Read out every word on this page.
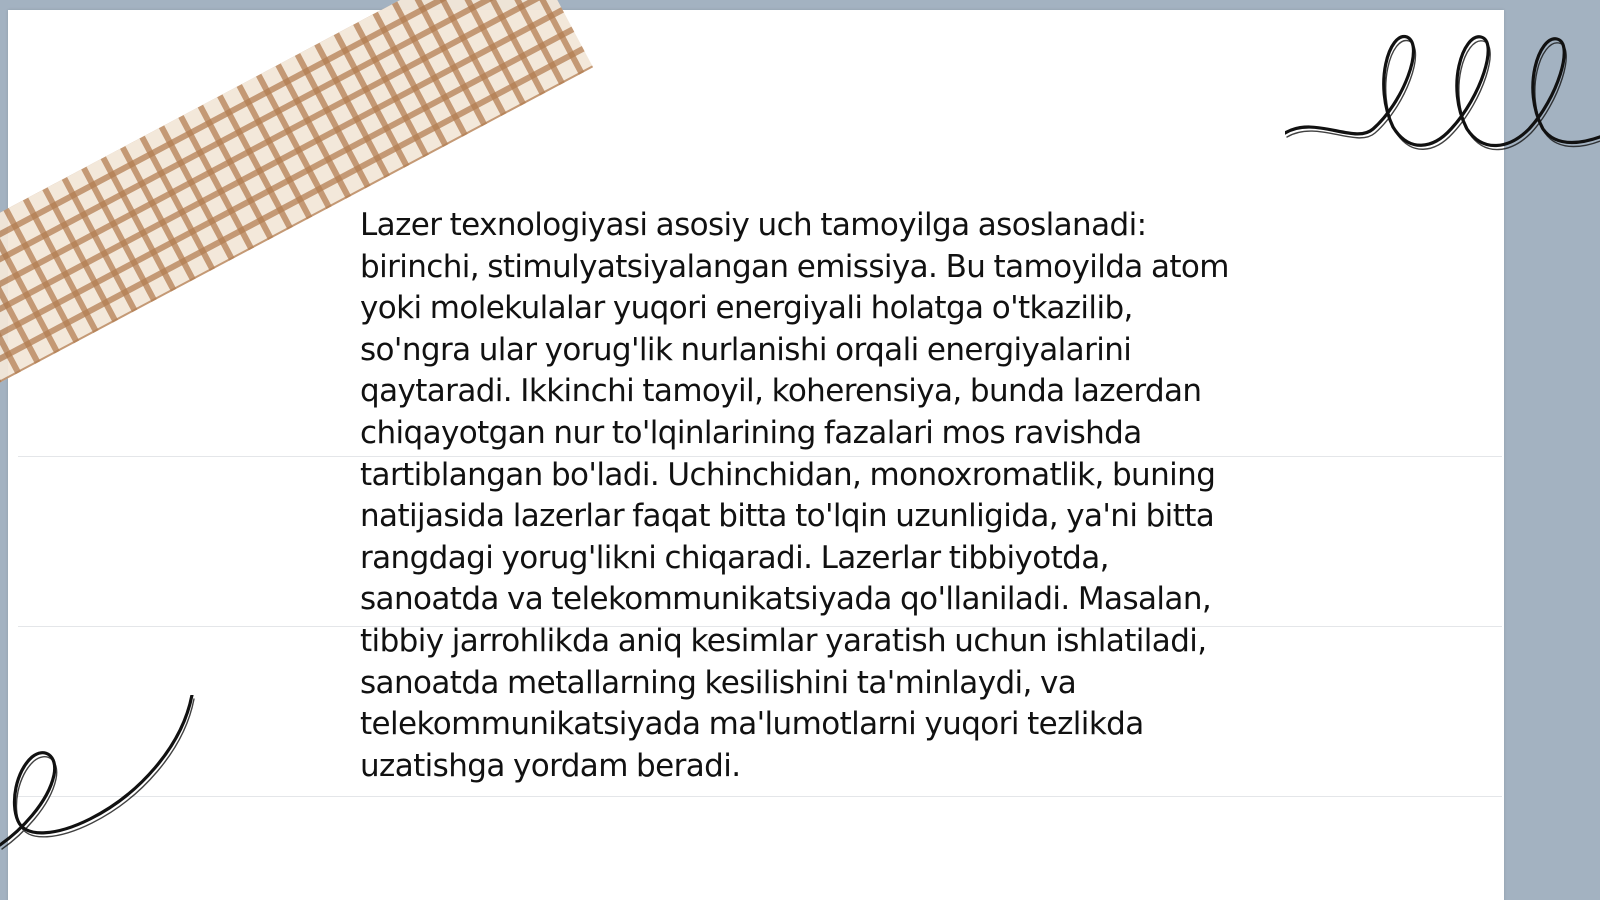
Lazer texnologiyasi asosiy uch tamoyilga asoslanadi: birinchi, stimulyatsiyalangan emissiya. Bu tamoyilda atom yoki molekulalar yuqori energiyali holatga o'tkazilib, so'ngra ular yorug'lik nurlanishi orqali energiyalarini qaytaradi. Ikkinchi tamoyil, koherensiya, bunda lazerdan chiqayotgan nur to'lqinlarining fazalari mos ravishda tartiblangan bo'ladi. Uchinchidan, monoxromatlik, buning natijasida lazerlar faqat bitta to'lqin uzunligida, ya'ni bitta rangdagi yorug'likni chiqaradi. Lazerlar tibbiyotda, sanoatda va telekommunikatsiyada qo'llaniladi. Masalan, tibbiy jarrohlikda aniq kesimlar yaratish uchun ishlatiladi, sanoatda metallarning kesilishini ta'minlaydi, va telekommunikatsiyada ma'lumotlarni yuqori tezlikda uzatishga yordam beradi.
